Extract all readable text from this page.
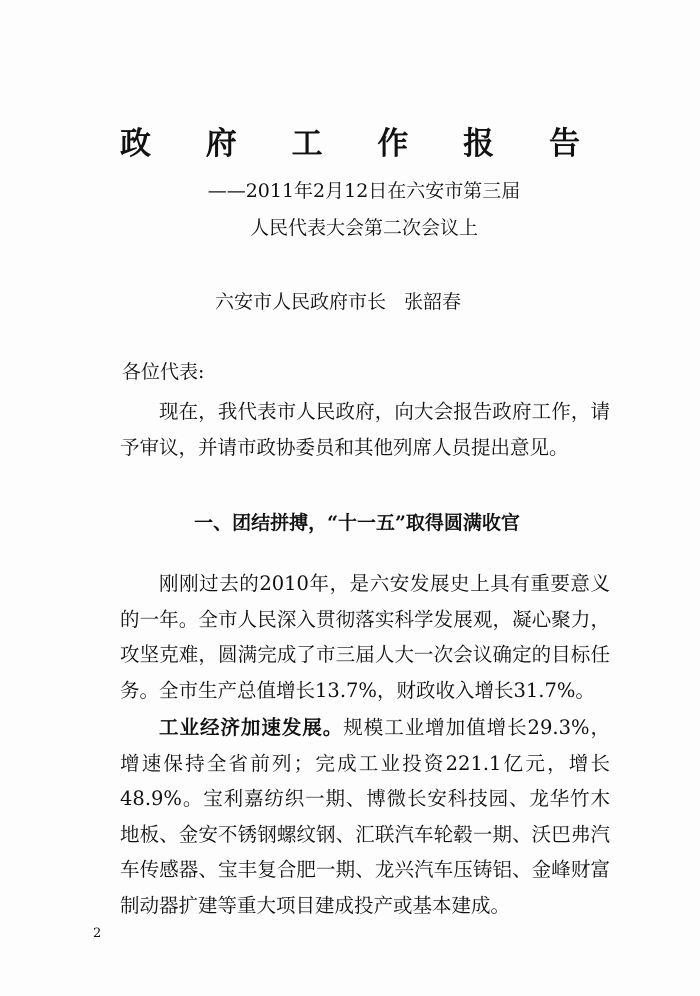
政 府 工 作 报 告
——2011年2月12日在六安市第三届
人民代表大会第二次会议上
六安市人民政府市长   张韶春
各位代表:
现在，我代表市人民政府，向大会报告政府工作，请予审议，并请市政协委员和其他列席人员提出意见。
一、团结拼搏，“十一五”取得圆满收官
刚刚过去的2010年，是六安发展史上具有重要意义的一年。全市人民深入贯彻落实科学发展观，凝心聚力，攻坚克难，圆满完成了市三届人大一次会议确定的目标任务。全市生产总值增长13.7%，财政收入增长31.7%。
工业经济加速发展。规模工业增加值增长29.3%，增速保持全省前列；完成工业投资221.1亿元，增长48.9%。宝利嘉纺织一期、博微长安科技园、龙华竹木地板、金安不锈钢螺纹钢、汇联汽车轮毂一期、沃巴弗汽车传感器、宝丰复合肥一期、龙兴汽车压铸铝、金峰财富制动器扩建等重大项目建成投产或基本建成。
2
